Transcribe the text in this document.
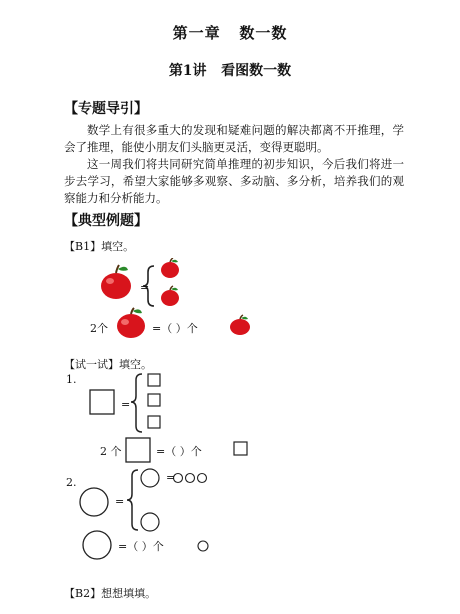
第一章   数一数
第1讲   看图数一数
【专题导引】
数学上有很多重大的发现和疑难问题的解决都离不开推理，学会了推理，能使小朋友们头脑更灵活，变得更聪明。
这一周我们将共同研究简单推理的初步知识，今后我们将进一步去学习，希望大家能够多观察、多动脑、多分析，培养我们的观察能力和分析能力。
【典型例题】
【B1】填空。
=
2个	=（ ）个
【试一试】填空。
1.
=
2 个	=（ ）个
2.	=
=
=（ ）个
【B2】想想填填。
